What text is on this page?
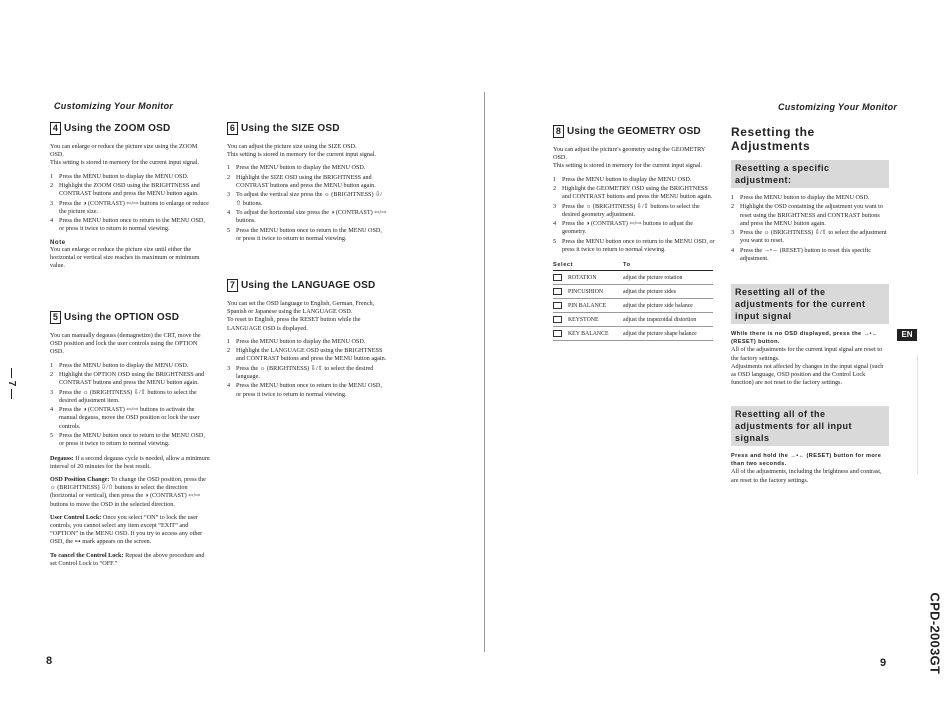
Customizing Your Monitor
— 7 —
4 Using the ZOOM OSD

You can enlarge or reduce the picture size using the ZOOM OSD.

This setting is stored in memory for the current input signal.

1 Press the MENU button to display the MENU OSD.
2 Highlight the ZOOM OSD using the BRIGHTNESS and CONTRAST buttons and press the MENU button again.
3 Press the ◑ (CONTRAST) ⇦/⇨ buttons to enlarge or reduce the picture size.
4 Press the MENU button once to return to the MENU OSD, or press it twice to return to normal viewing.
Note

You can enlarge or reduce the picture size until either the horizontal or vertical size reaches its maximum or minimum value.

5 Using the OPTION OSD

You can manually degauss (demagnetize) the CRT, move the OSD position and lock the user controls using the OPTION OSD.

1 Press the MENU button to display the MENU OSD.
2 Highlight the OPTION OSD using the BRIGHTNESS and CONTRAST buttons and press the MENU button again.
3 Press the ☼ (BRIGHTNESS) ⇩/⇧ buttons to select the desired adjustment item.
4 Press the ◑ (CONTRAST) ⇦/⇨ buttons to activate the manual degauss, move the OSD position or lock the user controls.
5 Press the MENU button once to return to the MENU OSD, or press it twice to return to normal viewing.

Degauss: If a second degauss cycle is needed, allow a minimum interval of 20 minutes for the best result.

OSD Position Change: To change the OSD position, press the ☼ (BRIGHTNESS) ⇩/⇧ buttons to select the direction (horizontal or vertical), then press the ◑ (CONTRAST) ⇦/⇨ buttons to move the OSD in the selected direction.

User Control Lock: Once you select “ON” to lock the user controls, you cannot select any item except “EXIT” and “OPTION” in the MENU OSD. If you try to access any other OSD, the ⊶ mark appears on the screen.

To cancel the Control Lock: Repeat the above procedure and set Control Lock to “OFF.”

6 Using the SIZE OSD

You can adjust the picture size using the SIZE OSD.

This setting is stored in memory for the current input signal.

1 Press the MENU button to display the MENU OSD.
2 Highlight the SIZE OSD using the BRIGHTNESS and CONTRAST buttons and press the MENU button again.
3 To adjust the vertical size press the ☼ (BRIGHTNESS) ⇩/⇧ buttons.
4 To adjust the horizontal size press the ◑ (CONTRAST) ⇦/⇨ buttons.
5 Press the MENU button once to return to the MENU OSD, or press it twice to return to normal viewing.
7 Using the LANGUAGE OSD

You can set the OSD language to English, German, French, Spanish or Japanese using the LANGUAGE OSD.

To reset to English, press the RESET button while the LANGUAGE OSD is displayed.

1 Press the MENU button to display the MENU OSD.
2 Highlight the LANGUAGE OSD using the BRIGHTNESS and CONTRAST buttons and press the MENU button again.
3 Press the ☼ (BRIGHTNESS) ⇩/⇧ to select the desired language.
4 Press the MENU button once to return to the MENU OSD, or press it twice to return to normal viewing.
8
Customizing Your Monitor
8 Using the GEOMETRY OSD

You can adjust the picture's geometry using the GEOMETRY OSD.

This setting is stored in memory for the current input signal.

1 Press the MENU button to display the MENU OSD.
2 Highlight the GEOMETRY OSD using the BRIGHTNESS and CONTRAST buttons and press the MENU button again.
3 Press the ☼ (BRIGHTNESS) ⇩/⇧ buttons to select the desired geometry adjustment.
4 Press the ◑ (CONTRAST) ⇦/⇨ buttons to adjust the geometry.
5 Press the MENU button once to return to the MENU OSD, or press it twice to return to normal viewing.
Select	To
ROTATION	adjust the picture rotation
PINCUSHION	adjust the picture sides
PIN BALANCE	adjust the picture side balance
KEYSTONE	adjust the trapezoidal distortion
KEY BALANCE	adjust the picture shape balance
Resetting the Adjustments
Resetting a specific adjustment:
1 Press the MENU button to display the MENU OSD.
2 Highlight the OSD containing the adjustment you want to reset using the BRIGHTNESS and CONTRAST buttons and press the MENU button again.
3 Press the ☼ (BRIGHTNESS) ⇩/⇧ to select the adjustment you want to reset.
4 Press the →•← (RESET) button to reset this specific adjustment.
Resetting all of the adjustments for the current input signal
While there is no OSD displayed, press the →•← (RESET) button.

All of the adjustments for the current input signal are reset to the factory settings.

Adjustments not affected by changes in the input signal (such as OSD language, OSD position and the Control Lock function) are not reset to the factory settings.

Resetting all of the adjustments for all input signals
Press and hold the →•← (RESET) button for more than two seconds.

All of the adjustments, including the brightness and contrast, are reset to the factory settings.

EN
9	CPD-2003GT
